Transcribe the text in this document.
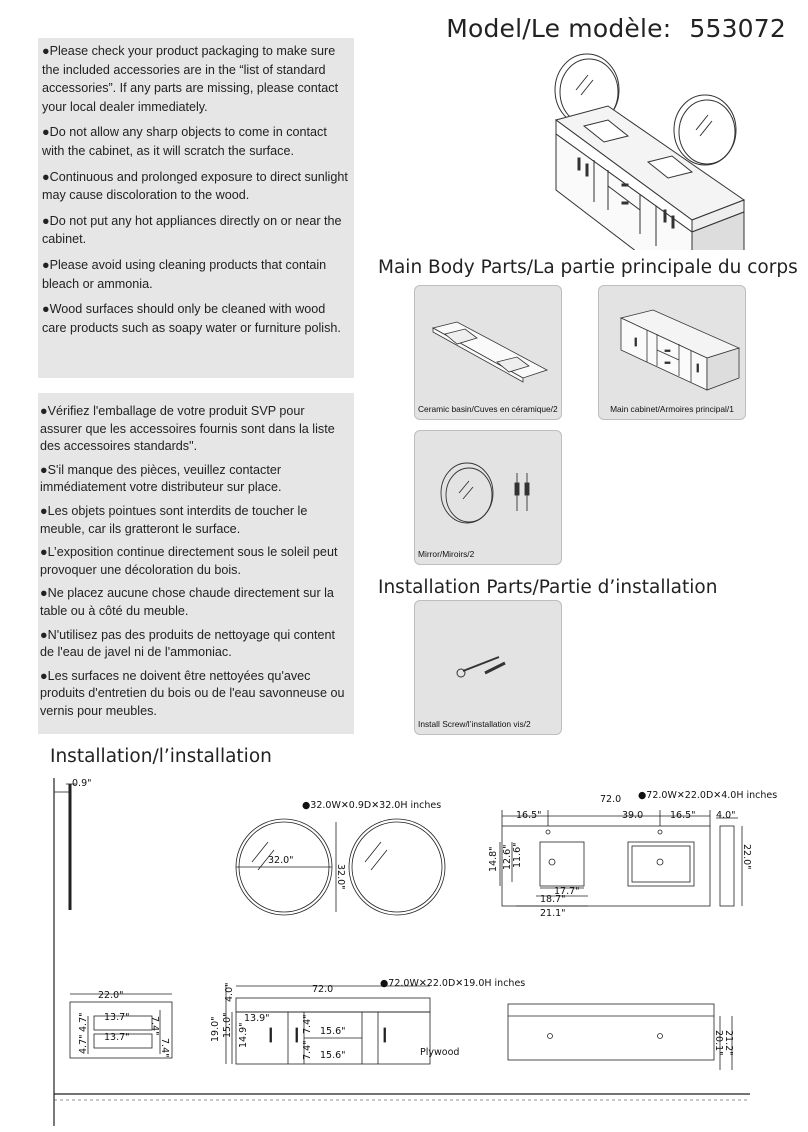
Model/Le modèle: 553072

●Please check your product packaging to make sure the included accessories are in the “list of standard accessories”. If any parts are missing, please contact your local dealer immediately.

●Do not allow any sharp objects to come in contact with the cabinet, as it will scratch the surface.

●Continuous and prolonged exposure to direct sunlight may cause discoloration to the wood.

●Do not put any hot appliances directly on or near the cabinet.

●Please avoid using cleaning products that contain bleach or ammonia.

●Wood surfaces should only be cleaned with wood care products such as soapy water or furniture polish.

●Vérifiez l'emballage de votre produit SVP pour assurer que les accessoires fournis sont dans la liste des accessoires standards".

●S'il manque des pièces, veuillez contacter immédiatement votre distributeur sur place.

●Les objets pointues sont interdits de toucher le meuble, car ils gratteront le surface.

●L’exposition continue directement sous le soleil peut provoquer une décoloration du bois.

●Ne placez aucune chose chaude directement sur la table ou à côté du meuble.

●N'utilisez pas des produits de nettoyage qui content de l'eau de javel ni de l'ammoniac.

●Les surfaces ne doivent être nettoyées qu'avec produits d'entretien du bois ou de l'eau savonneuse ou vernis pour meubles.

Main Body Parts/La partie principale du corps
Installation Parts/Partie d’installation
Installation/l’installation
Ceramic basin/Cuves en céramique/2	Main cabinet/Armoires principal/1
Mirror/Miroirs/2
Install Screw/l’installation vis/2
0.9"
●32.0W✕0.9D✕32.0H inches
32.0"
32.0"
●72.0W✕22.0D✕4.0H inches
72.0
16.5"	39.0	16.5" 4.0"
22.0"
14.8" 12.6" 11.6"
17.7"
18.7"
21.1"
22.0"
13.7"
13.7"
4.7"
4.7"
7.4"
7.4"
●72.0W✕22.0D✕19.0H inches
72.0
4.0"
19.0" 15.0" 13.9"
14.9"	7.4"
7.4"
15.6"
15.6"	Plywood	21.2"
20.1"
